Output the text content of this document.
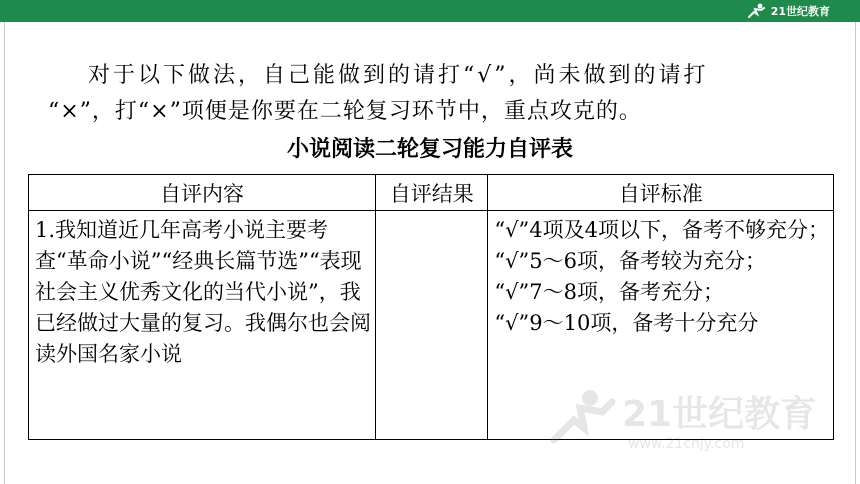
21世纪教育

对于以下做法，自己能做到的请打“√”，尚未做到的请打

“×”，打“×”项便是你要在二轮复习环节中，重点攻克的。

小说阅读二轮复习能力自评表
自评内容	自评结果	自评标准
1.我知道近几年高考小说主要考查“革命小说”“经典长篇节选”“表现社会主义优秀文化的当代小说”，我已经做过大量的复习。我偶尔也会阅读外国名家小说		“√”4项及4项以下，备考不够充分；
“√”5～6项，备考较为充分；
“√”7～8项，备考充分；
“√”9～10项，备考十分充分
21世纪教育
www.21cnjy.com
